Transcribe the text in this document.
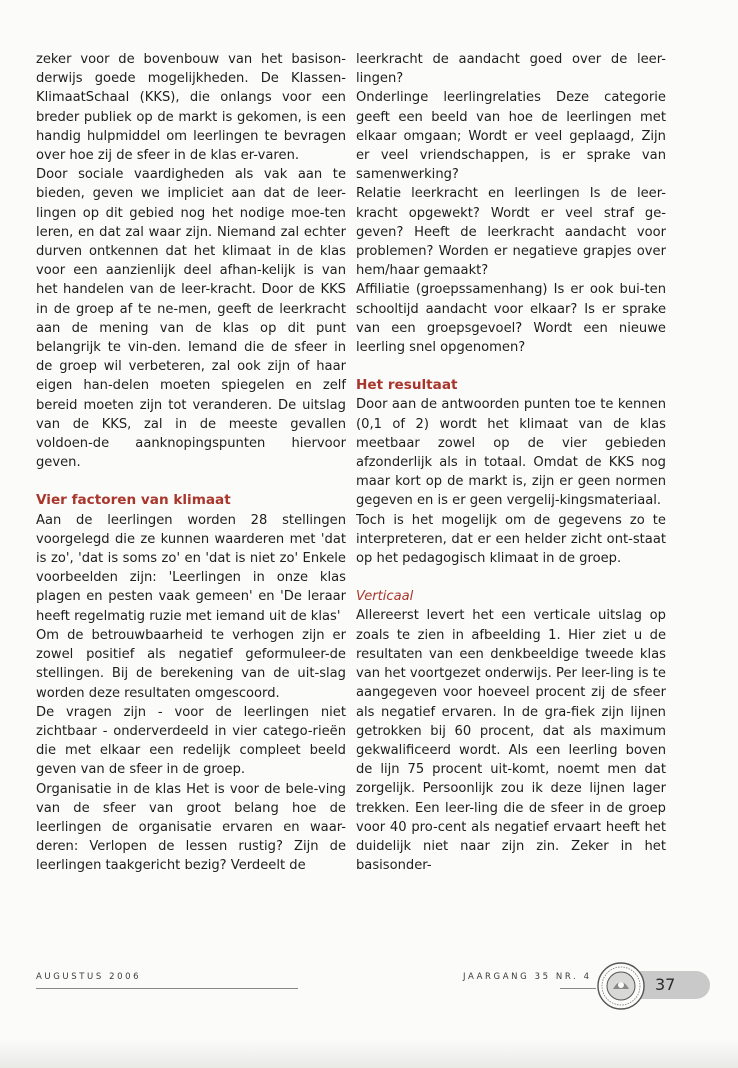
zeker voor de bovenbouw van het basison-derwijs goede mogelijkheden. De Klassen-KlimaatSchaal (KKS), die onlangs voor een breder publiek op de markt is gekomen, is een handig hulpmiddel om leerlingen te bevragen over hoe zij de sfeer in de klas er-varen.

Door sociale vaardigheden als vak aan te bieden, geven we impliciet aan dat de leer-lingen op dit gebied nog het nodige moe-ten leren, en dat zal waar zijn. Niemand zal echter durven ontkennen dat het klimaat in de klas voor een aanzienlijk deel afhan-kelijk is van het handelen van de leer-kracht. Door de KKS in de groep af te ne-men, geeft de leerkracht aan de mening van de klas op dit punt belangrijk te vin-den. Iemand die de sfeer in de groep wil verbeteren, zal ook zijn of haar eigen han-delen moeten spiegelen en zelf bereid moeten zijn tot veranderen. De uitslag van de KKS, zal in de meeste gevallen voldoen-de aanknopingspunten hiervoor geven.

Vier factoren van klimaat

Aan de leerlingen worden 28 stellingen voorgelegd die ze kunnen waarderen met 'dat is zo', 'dat is soms zo' en 'dat is niet zo' Enkele voorbeelden zijn: 'Leerlingen in onze klas plagen en pesten vaak gemeen' en 'De leraar heeft regelmatig ruzie met iemand uit de klas'

Om de betrouwbaarheid te verhogen zijn er zowel positief als negatief geformuleer-de stellingen. Bij de berekening van de uit-slag worden deze resultaten omgescoord.

De vragen zijn - voor de leerlingen niet zichtbaar - onderverdeeld in vier catego-rieën die met elkaar een redelijk compleet beeld geven van de sfeer in de groep.

Organisatie in de klas Het is voor de bele-ving van de sfeer van groot belang hoe de leerlingen de organisatie ervaren en waar-deren: Verlopen de lessen rustig? Zijn de leerlingen taakgericht bezig? Verdeelt de

leerkracht de aandacht goed over de leer-lingen?

Onderlinge leerlingrelaties Deze categorie geeft een beeld van hoe de leerlingen met elkaar omgaan; Wordt er veel geplaagd, Zijn er veel vriendschappen, is er sprake van samenwerking?

Relatie leerkracht en leerlingen Is de leer-kracht opgewekt? Wordt er veel straf ge-geven? Heeft de leerkracht aandacht voor problemen? Worden er negatieve grapjes over hem/haar gemaakt?

Affiliatie (groepssamenhang) Is er ook bui-ten schooltijd aandacht voor elkaar? Is er sprake van een groepsgevoel? Wordt een nieuwe leerling snel opgenomen?

Het resultaat

Door aan de antwoorden punten toe te kennen (0,1 of 2) wordt het klimaat van de klas meetbaar zowel op de vier gebieden afzonderlijk als in totaal. Omdat de KKS nog maar kort op de markt is, zijn er geen normen gegeven en is er geen vergelij-kingsmateriaal.

Toch is het mogelijk om de gegevens zo te interpreteren, dat er een helder zicht ont-staat op het pedagogisch klimaat in de groep.

Verticaal

Allereerst levert het een verticale uitslag op zoals te zien in afbeelding 1. Hier ziet u de resultaten van een denkbeeldige tweede klas van het voortgezet onderwijs. Per leer-ling is te aangegeven voor hoeveel procent zij de sfeer als negatief ervaren. In de gra-fiek zijn lijnen getrokken bij 60 procent, dat als maximum gekwalificeerd wordt. Als een leerling boven de lijn 75 procent uit-komt, noemt men dat zorgelijk. Persoonlijk zou ik deze lijnen lager trekken. Een leer-ling die de sfeer in de groep voor 40 pro-cent als negatief ervaart heeft het duidelijk niet naar zijn zin. Zeker in het basisonder-

AUGUSTUS 2006	JAARGANG 35 NR. 4	37
